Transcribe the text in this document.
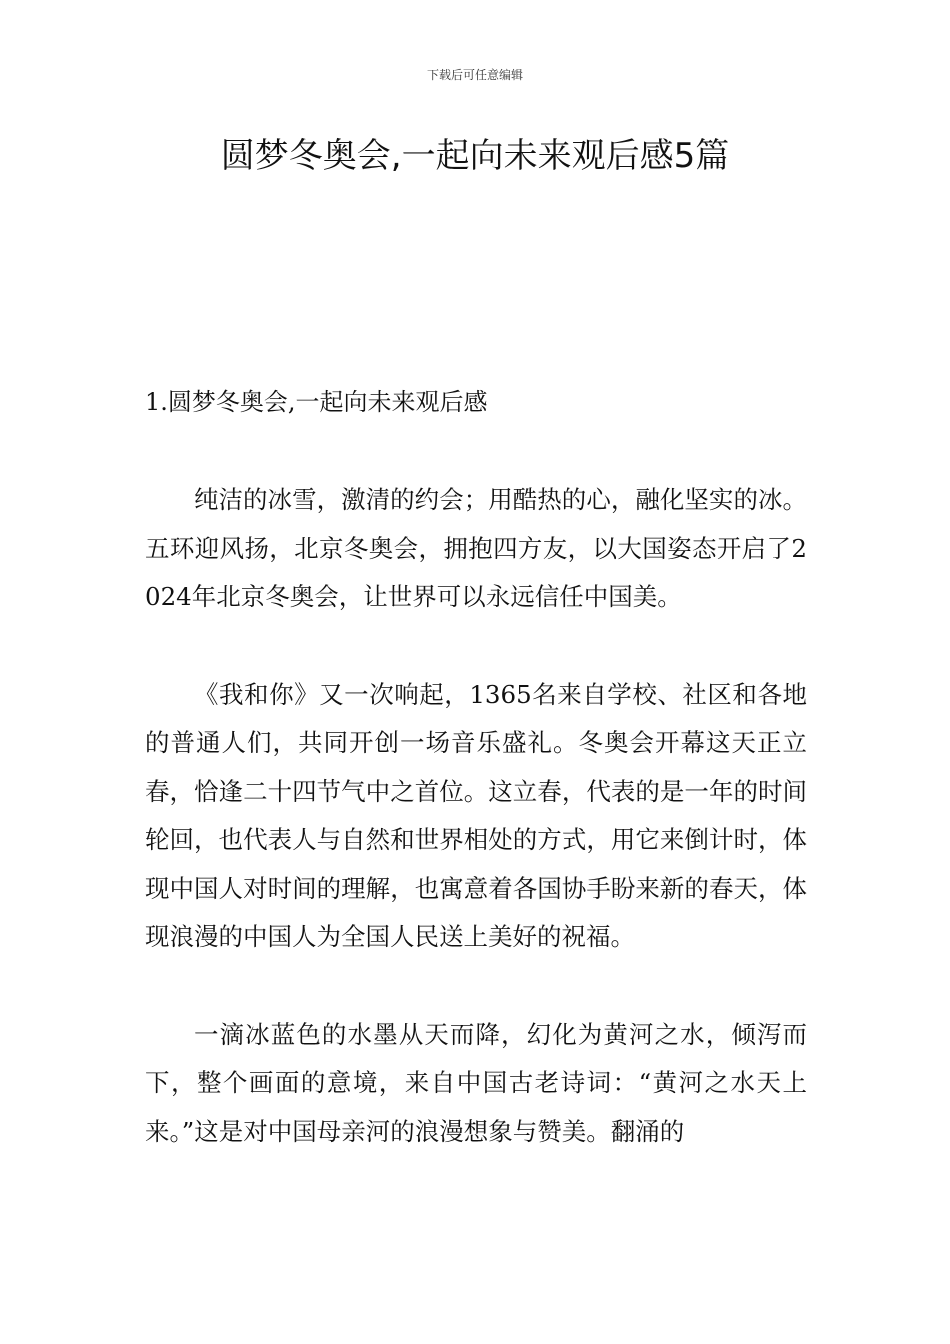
下载后可任意编辑
圆梦冬奥会,一起向未来观后感5篇
1.圆梦冬奥会,一起向未来观后感

纯洁的冰雪，激清的约会；用酷热的心，融化坚实的冰。五环迎风扬，北京冬奥会，拥抱四方友，以大国姿态开启了2024年北京冬奥会，让世界可以永远信任中国美。

《我和你》又一次响起，1365名来自学校、社区和各地的普通人们，共同开创一场音乐盛礼。冬奥会开幕这天正立春，恰逢二十四节气中之首位。这立春，代表的是一年的时间轮回，也代表人与自然和世界相处的方式，用它来倒计时，体现中国人对时间的理解，也寓意着各国协手盼来新的春天，体现浪漫的中国人为全国人民送上美好的祝福。

一滴冰蓝色的水墨从天而降，幻化为黄河之水，倾泻而下，整个画面的意境，来自中国古老诗词：“黄河之水天上来。”这是对中国母亲河的浪漫想象与赞美。翻涌的
